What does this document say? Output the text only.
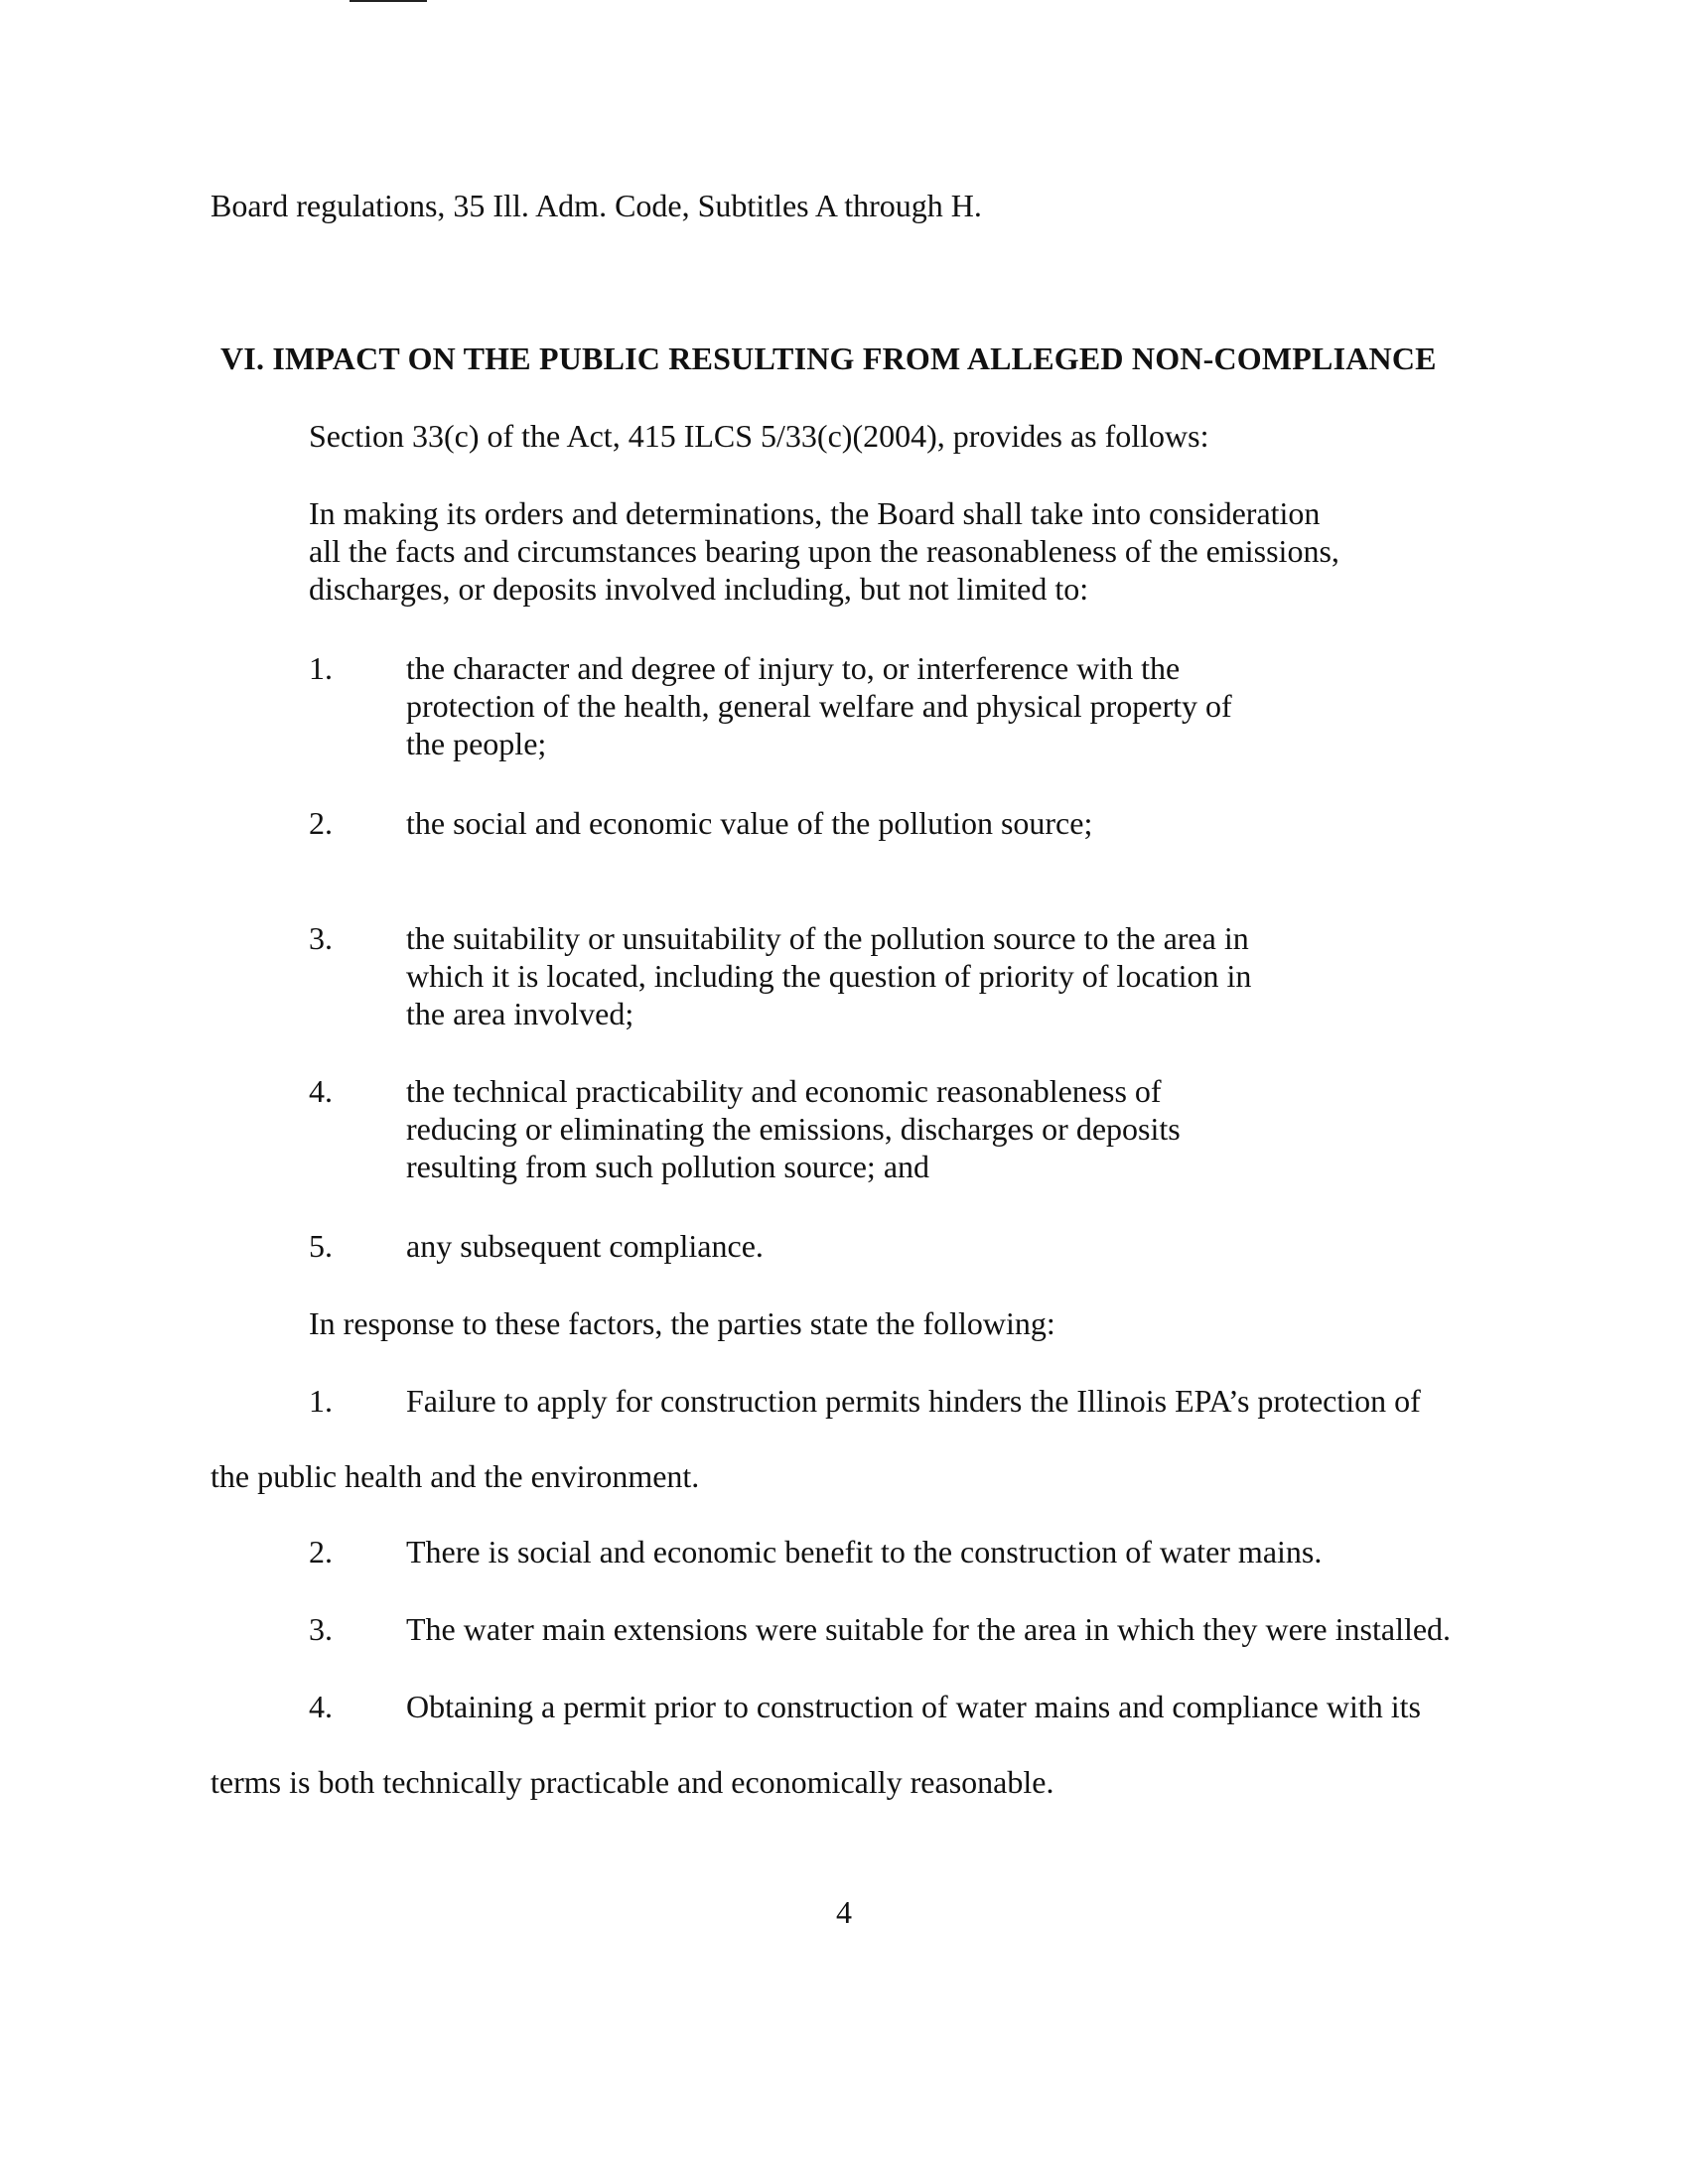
Board regulations, 35 Ill. Adm. Code, Subtitles A through H.
VI. IMPACT ON THE PUBLIC RESULTING FROM ALLEGED NON-COMPLIANCE
Section 33(c) of the Act, 415 ILCS 5/33(c)(2004), provides as follows:
In making its orders and determinations, the Board shall take into consideration
all the facts and circumstances bearing upon the reasonableness of the emissions,
discharges, or deposits involved including, but not limited to:
1. the character and degree of injury to, or interference with the
protection of the health, general welfare and physical property of
the people;
2. the social and economic value of the pollution source;
3. the suitability or unsuitability of the pollution source to the area in
which it is located, including the question of priority of location in
the area involved;
4. the technical practicability and economic reasonableness of
reducing or eliminating the emissions, discharges or deposits
resulting from such pollution source; and
5. any subsequent compliance.
In response to these factors, the parties state the following:
1. Failure to apply for construction permits hinders the Illinois EPA’s protection of
the public health and the environment.
2. There is social and economic benefit to the construction of water mains.
3. The water main extensions were suitable for the area in which they were installed.
4. Obtaining a permit prior to construction of water mains and compliance with its
terms is both technically practicable and economically reasonable.
4
